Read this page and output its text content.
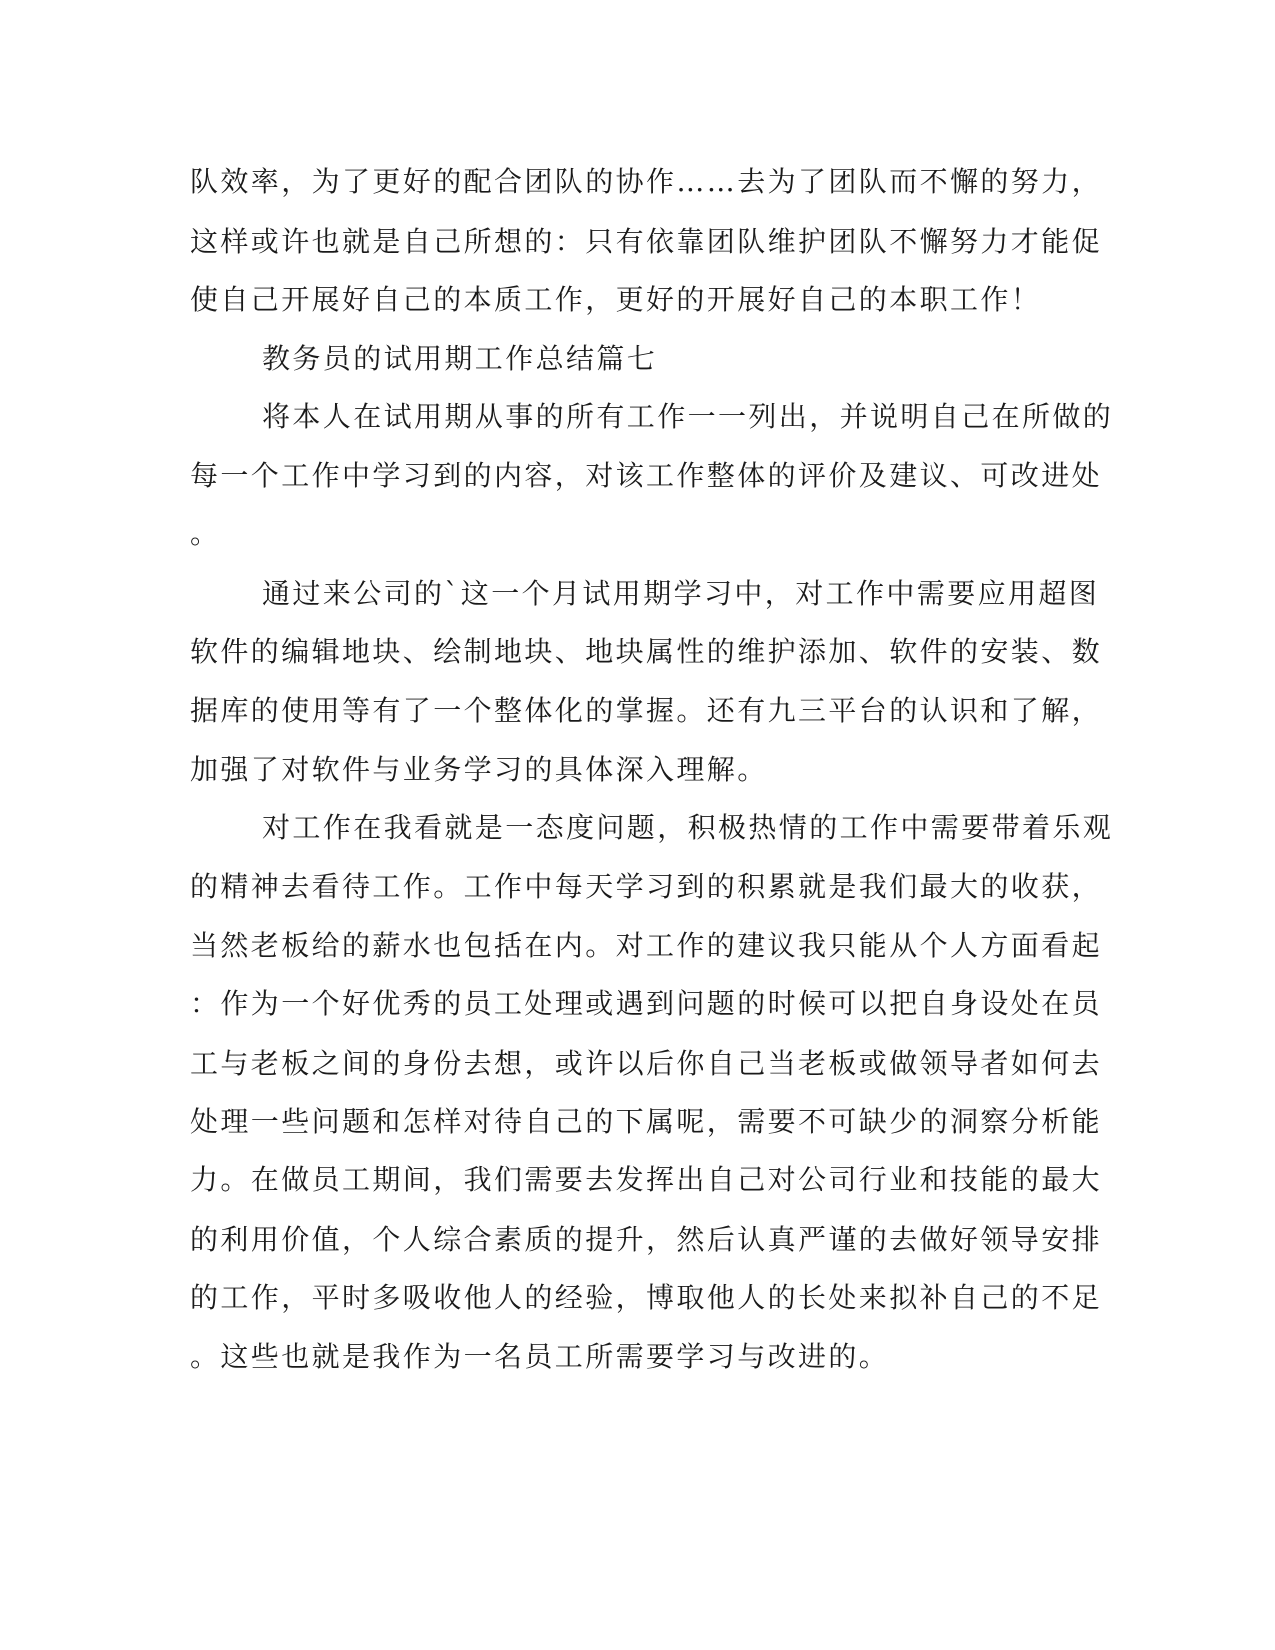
队效率，为了更好的配合团队的协作……去为了团队而不懈的努力，
这样或许也就是自己所想的：只有依靠团队维护团队不懈努力才能促
使自己开展好自己的本质工作，更好的开展好自己的本职工作！
教务员的试用期工作总结篇七
将本人在试用期从事的所有工作一一列出，并说明自己在所做的
每一个工作中学习到的内容，对该工作整体的评价及建议、可改进处
。
通过来公司的`这一个月试用期学习中，对工作中需要应用超图
软件的编辑地块、绘制地块、地块属性的维护添加、软件的安装、数
据库的使用等有了一个整体化的掌握。还有九三平台的认识和了解，
加强了对软件与业务学习的具体深入理解。
对工作在我看就是一态度问题，积极热情的工作中需要带着乐观
的精神去看待工作。工作中每天学习到的积累就是我们最大的收获，
当然老板给的薪水也包括在内。对工作的建议我只能从个人方面看起
：作为一个好优秀的员工处理或遇到问题的时候可以把自身设处在员
工与老板之间的身份去想，或许以后你自己当老板或做领导者如何去
处理一些问题和怎样对待自己的下属呢，需要不可缺少的洞察分析能
力。在做员工期间，我们需要去发挥出自己对公司行业和技能的最大
的利用价值，个人综合素质的提升，然后认真严谨的去做好领导安排
的工作，平时多吸收他人的经验，博取他人的长处来拟补自己的不足
。这些也就是我作为一名员工所需要学习与改进的。
